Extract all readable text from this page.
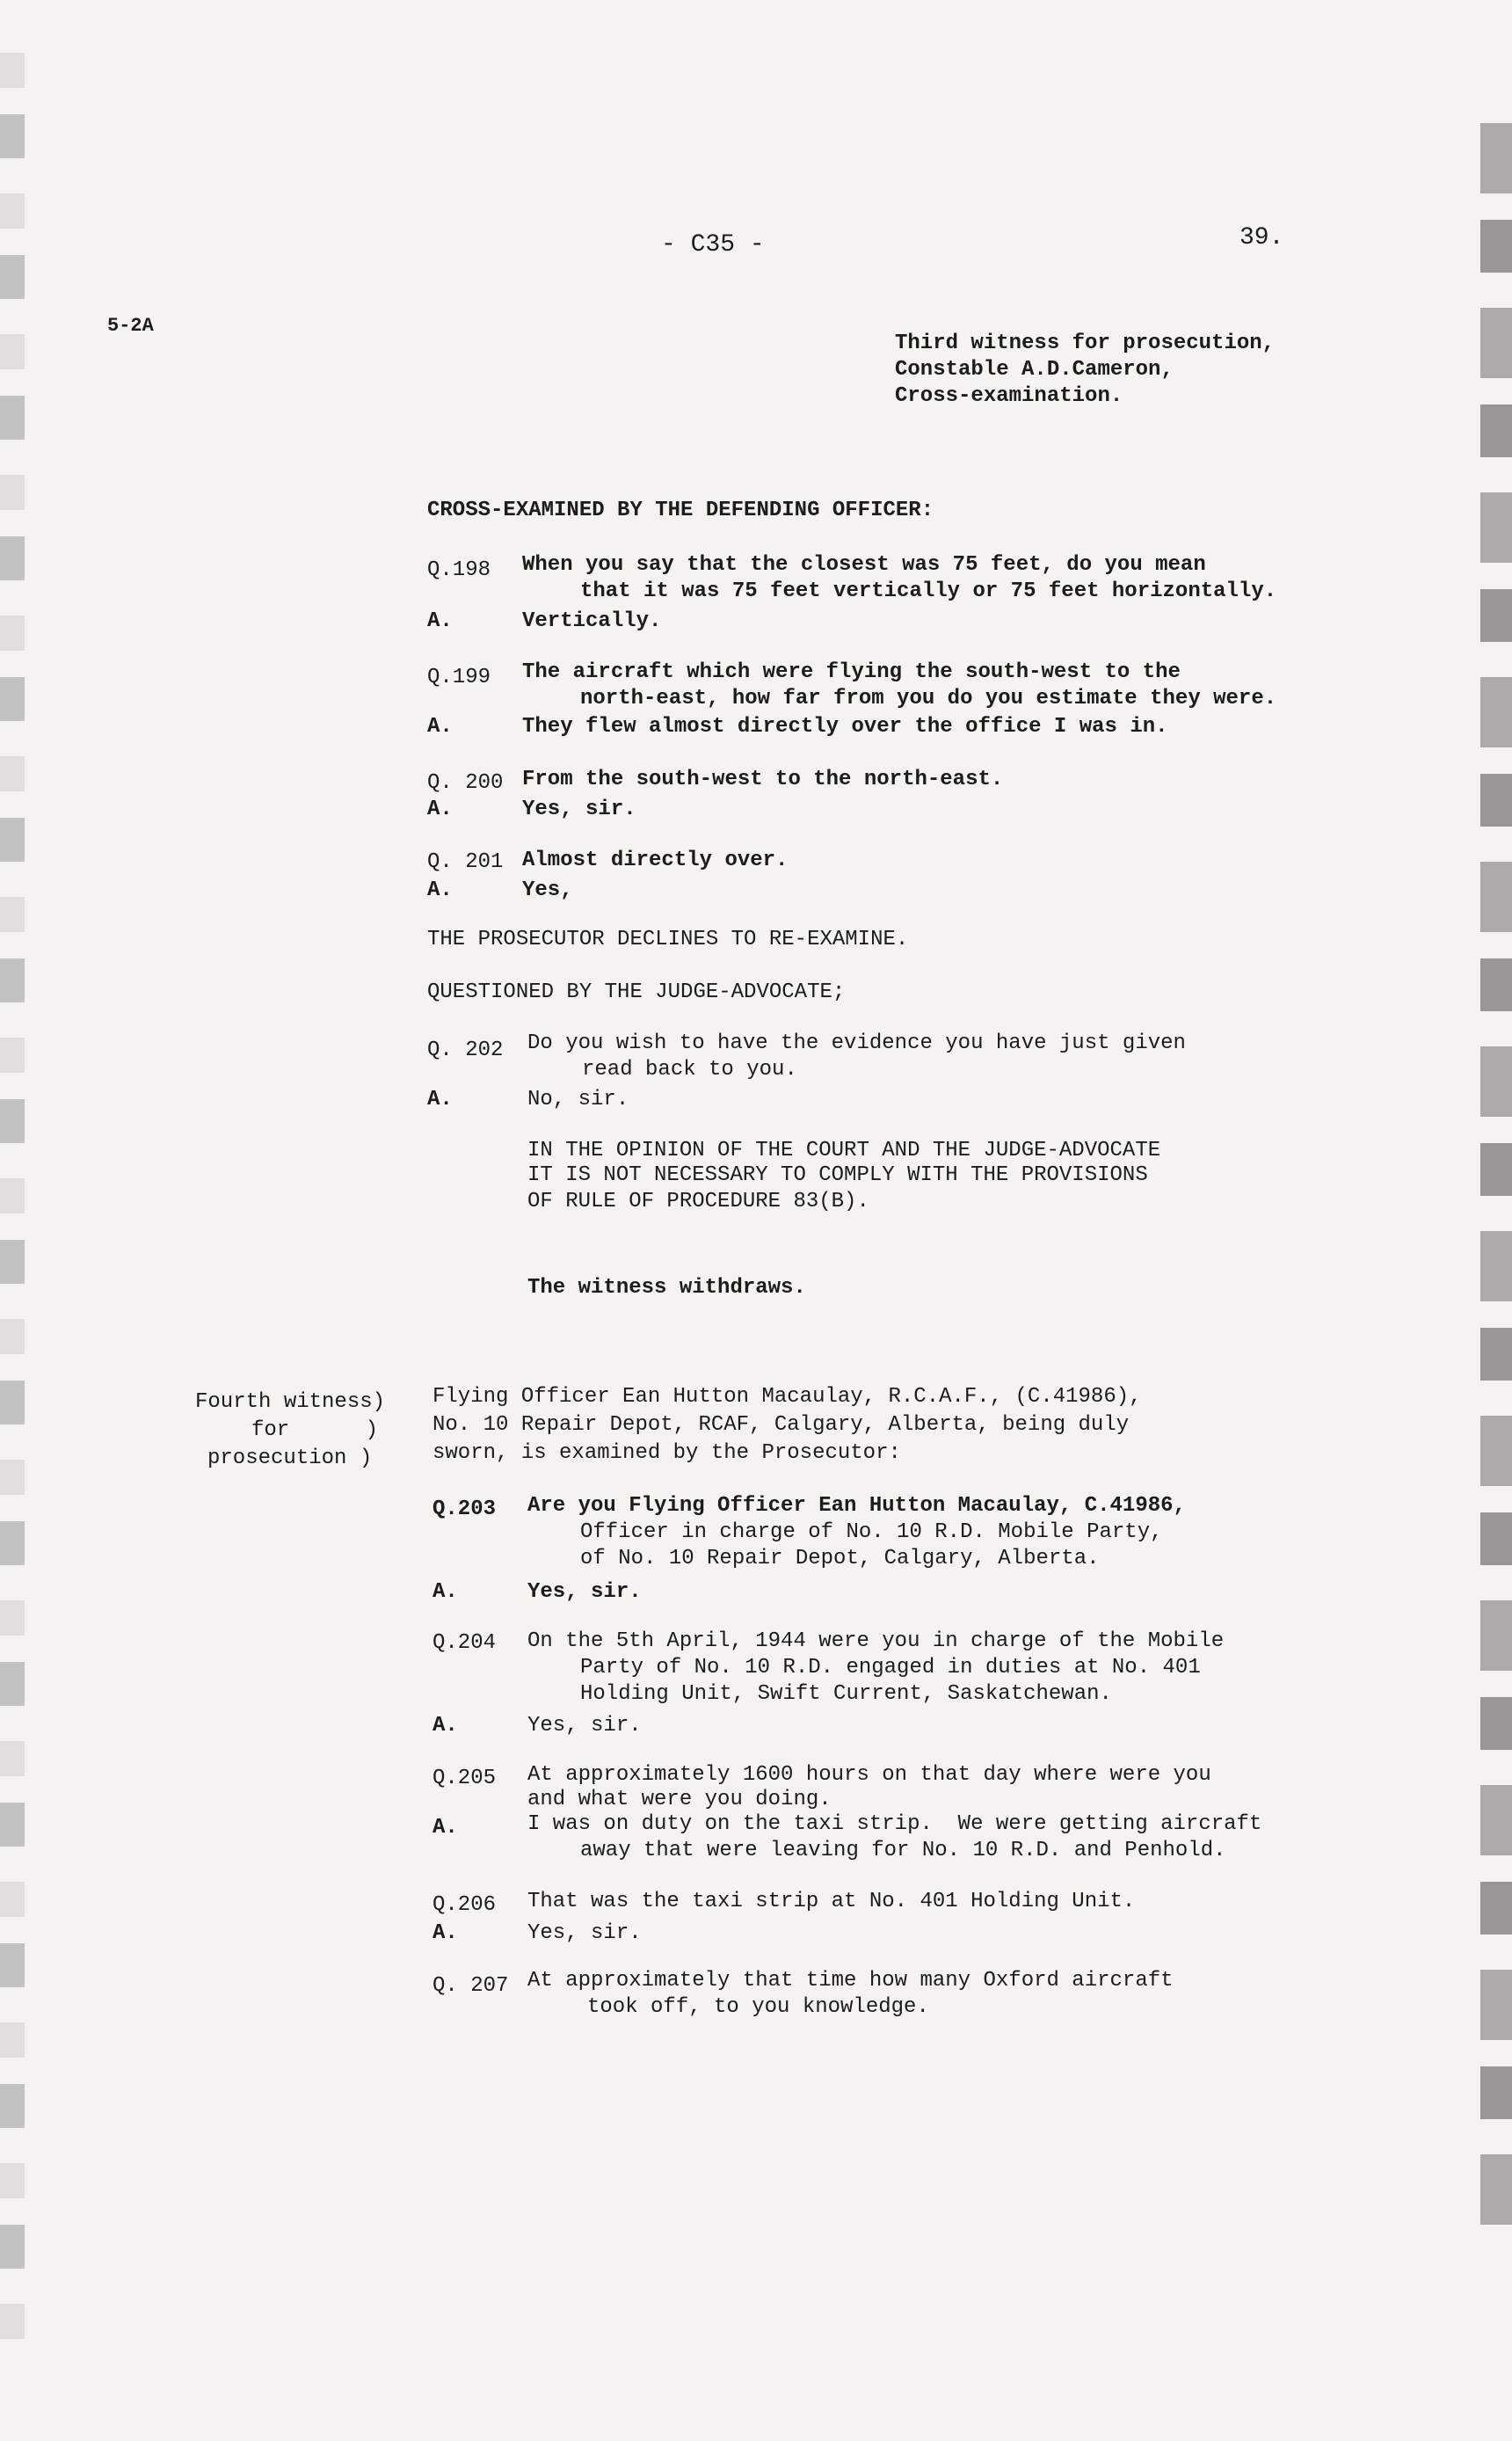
- C35 -	39.
5-2A
Third witness for prosecution,
Constable A.D.Cameron,
Cross-examination.
CROSS-EXAMINED BY THE DEFENDING OFFICER:
Q.198 When you say that the closest was 75 feet, do you mean
that it was 75 feet vertically or 75 feet horizontally.
A.	Vertically.
Q.199 The aircraft which were flying the south-west to the
north-east, how far from you do you estimate they were.
A.	They flew almost directly over the office I was in.
Q. 200 From the south-west to the north-east.
A.	Yes, sir.
Q. 201 Almost directly over.
A.	Yes,
THE PROSECUTOR DECLINES TO RE-EXAMINE.
QUESTIONED BY THE JUDGE-ADVOCATE;
Q. 202 Do you wish to have the evidence you have just given
read back to you.
A.	No, sir.
IN THE OPINION OF THE COURT AND THE JUDGE-ADVOCATE
IT IS NOT NECESSARY TO COMPLY WITH THE PROVISIONS
OF RULE OF PROCEDURE 83(B).
The witness withdraws.
Fourth witness)
for      )
prosecution )
Flying Officer Ean Hutton Macaulay, R.C.A.F., (C.41986),
No. 10 Repair Depot, RCAF, Calgary, Alberta, being duly
sworn, is examined by the Prosecutor:
Q.203 Are you Flying Officer Ean Hutton Macaulay, C.41986,
Officer in charge of No. 10 R.D. Mobile Party,
of No. 10 Repair Depot, Calgary, Alberta.
A.	Yes, sir.
Q.204 On the 5th April, 1944 were you in charge of the Mobile
Party of No. 10 R.D. engaged in duties at No. 401
Holding Unit, Swift Current, Saskatchewan.
A.	Yes, sir.
Q.205 At approximately 1600 hours on that day where were you
and what were you doing.
A.	I was on duty on the taxi strip.  We were getting aircraft
away that were leaving for No. 10 R.D. and Penhold.
Q.206 That was the taxi strip at No. 401 Holding Unit.
A.	Yes, sir.
Q. 207 At approximately that time how many Oxford aircraft
took off, to you knowledge.
